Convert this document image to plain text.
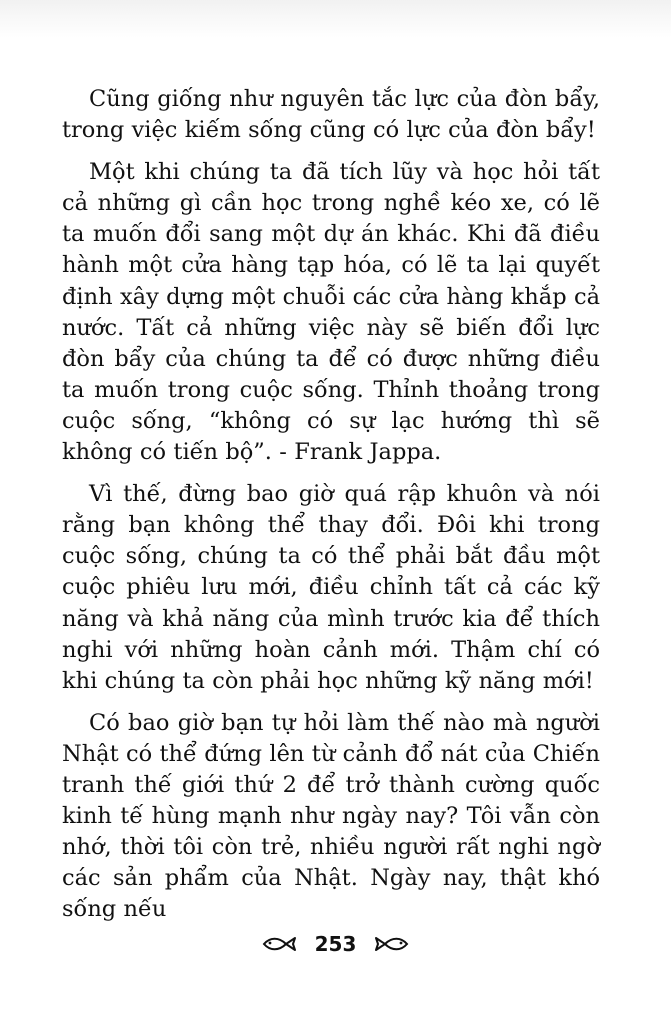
Cũng giống như nguyên tắc lực của đòn bẩy, trong việc kiếm sống cũng có lực của đòn bẩy!

Một khi chúng ta đã tích lũy và học hỏi tất cả những gì cần học trong nghề kéo xe, có lẽ ta muốn đổi sang một dự án khác. Khi đã điều hành một cửa hàng tạp hóa, có lẽ ta lại quyết định xây dựng một chuỗi các cửa hàng khắp cả nước. Tất cả những việc này sẽ biến đổi lực đòn bẩy của chúng ta để có được những điều ta muốn trong cuộc sống. Thỉnh thoảng trong cuộc sống, “không có sự lạc hướng thì sẽ không có tiến bộ”. - Frank Jappa.

Vì thế, đừng bao giờ quá rập khuôn và nói rằng bạn không thể thay đổi. Đôi khi trong cuộc sống, chúng ta có thể phải bắt đầu một cuộc phiêu lưu mới, điều chỉnh tất cả các kỹ năng và khả năng của mình trước kia để thích nghi với những hoàn cảnh mới. Thậm chí có khi chúng ta còn phải học những kỹ năng mới!

Có bao giờ bạn tự hỏi làm thế nào mà người Nhật có thể đứng lên từ cảnh đổ nát của Chiến tranh thế giới thứ 2 để trở thành cường quốc kinh tế hùng mạnh như ngày nay? Tôi vẫn còn nhớ, thời tôi còn trẻ, nhiều người rất nghi ngờ các sản phẩm của Nhật. Ngày nay, thật khó sống nếu

253
